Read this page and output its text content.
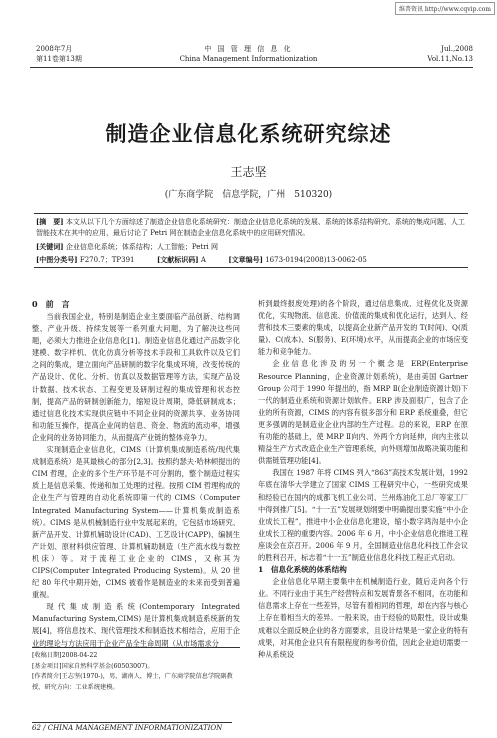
维普资讯 http://www.cqvip.com
2008年7月
第11卷第13期
中 国 管 理 信 息 化
China Management Informationization
Jul.,2008
Vol.11,No.13
制造企业信息化系统研究综述
王志坚
(广东商学院　信息学院，广州　510320)
[摘　要] 本文从以下几个方面综述了制造企业信息化系统研究：制造企业信息化系统的发展、系统的体系结构研究、系统的集成问题、人工智能技术在其中的应用，最后讨论了 Petri 网在制造企业信息化系统中的应用研究情况。
[关键词] 企业信息化系统；体系结构；人工智能；Petri 网
[中图分类号] F270.7；TP391	[文献标识码] A	[文章编号] 1673-0194(2008)13-0062-05
0　前　言

当前我国企业，特别是制造企业主要面临产品创新、结构调整、产业升级、持续发展等一系列重大问题，为了解决这些问题，必须大力推进企业信息化[1]。制造业信息化通过产品数字化建模、数字样机、优化仿真分析等技术手段和工具软件以及它们之间的集成，建立面向产品研制的数字化集成环境，改变传统的产品设计、优化、分析、仿真以及数据管理等方法，实现产品设计数据、技术状态、工程变更及研制过程的集成管理和状态控制，提高产品的研制创新能力，缩短设计周期，降低研制成本；通过信息化技术实现供应链中不同企业间的资源共享、业务协同和功能互操作，提高企业间的信息、资金、物流的流动率，增强企业间的业务协同能力，从而提高产业链的整体竞争力。

实现制造企业信息化，CIMS（计算机集成制造系统/现代集成制造系统）是其最核心的部分[2,3]。按照约瑟夫·哈林顿提出的 CIM 哲理，企业的多个生产环节是不可分割的，整个制造过程实质上是信息采集、传递和加工处理的过程。按照 CIM 哲理构成的企业生产与管理的自动化系统即第一代的 CIMS（Computer Integrated Manufacturing System——计算机集成制造系统）。CIMS 是从机械制造行业中发展起来的，它包括市场研究、新产品开发、计算机辅助设计(CAD)、工艺设计(CAPP)、编制生产计划、原材料供应管理、计算机辅助制造（生产流水线与数控机床）等。对于流程工业企业的 CIMS，又称其为 CIPS(Computer Integrated Producing System)。从 20 世纪 80 年代中期开始，CIMS 被看作是制造业的未来而受到普遍重视。

现代集成制造系统(Contemporary Integrated Manufacturing System,CIMS) 是计算机集成制造系统新的发展[4]，将信息技术、现代管理技术和制造技术相结合，应用于企业的理论与方法应用于企业产品全生命周期（从市场需求分

析到最终报废处理)的各个阶段，通过信息集成、过程优化及资源优化，实现物流、信息流、价值流的集成和优化运行，达到人、经营和技术三要素的集成，以提高企业新产品开发的 T(时间)、Q(质量)、C(成本)、S(服务)、E(环境)水平，从而提高企业的市场应变能力和竞争能力。

企业信息化涉及的另一个概念是 ERP(Enterprise Resource Planning，企业资源计划系统)，是由美国 Gartner Group 公司于 1990 年提出的，指 MRP Ⅱ(企业制造资源计划)下一代的制造业系统和资源计划软件。ERP 涉及面很广，包含了企业的所有资源，CIMS 的内容有很多部分和 ERP 系统重叠，但它更多强调的是制造业企业内部的生产过程。总的来说，ERP 在原有功能的基础上，使 MRP Ⅱ向内、外两个方向延伸，向内主张以精益生产方式改造企业生产管理系统，向外则增加战略决策功能和供需链管理功能[4]。

我国在 1987 年将 CIMS 列入“863”高技术发展计划，1992 年底在清华大学建立了国家 CIMS 工程研究中心，一些研究成果和经验已在国内的成都飞机工业公司、兰州炼油化工总厂等家工厂中得到推广[5]。“十一五”发展规划纲要中明确提出要实施“中小企业成长工程”，推进中小企业信息化建设，缩小数字鸿沟是中小企业成长工程的重要内容。2006 年 6 月，中小企业信息化推进工程座谈会在京召开。2006 年 9 月，全国制造业信息化科技工作会议的胜利召开，标志着“十一五”制造业信息化科技工程正式启动。

1　信息化系统的体系结构

企业信息化早期主要集中在机械制造行业，随后走向各个行业。不同行业由于其生产经营特点和发展背景各不相同，在功能和信息需求上存在一些差异，尽管有着相同的哲理，却在内容与核心上存在着相当大的差异。一般来说，由于经验的局限性，设计或集成难以全面反映企业的各方面要求，且设计结果是一家企业的特有成果，对其他企业只有有限程度的参考价值，因此企业迫切需要一种从系统设

[收稿日期]2008-04-22
[基金项目]国家自然科学基金(60503007)。
[作者简介]王志坚(1970-)，男，湖南人，博士，广东商学院信息学院副教授，研究方向：工业系统建模。
62 / CHINA MANAGEMENT INFORMATIONIZATION
